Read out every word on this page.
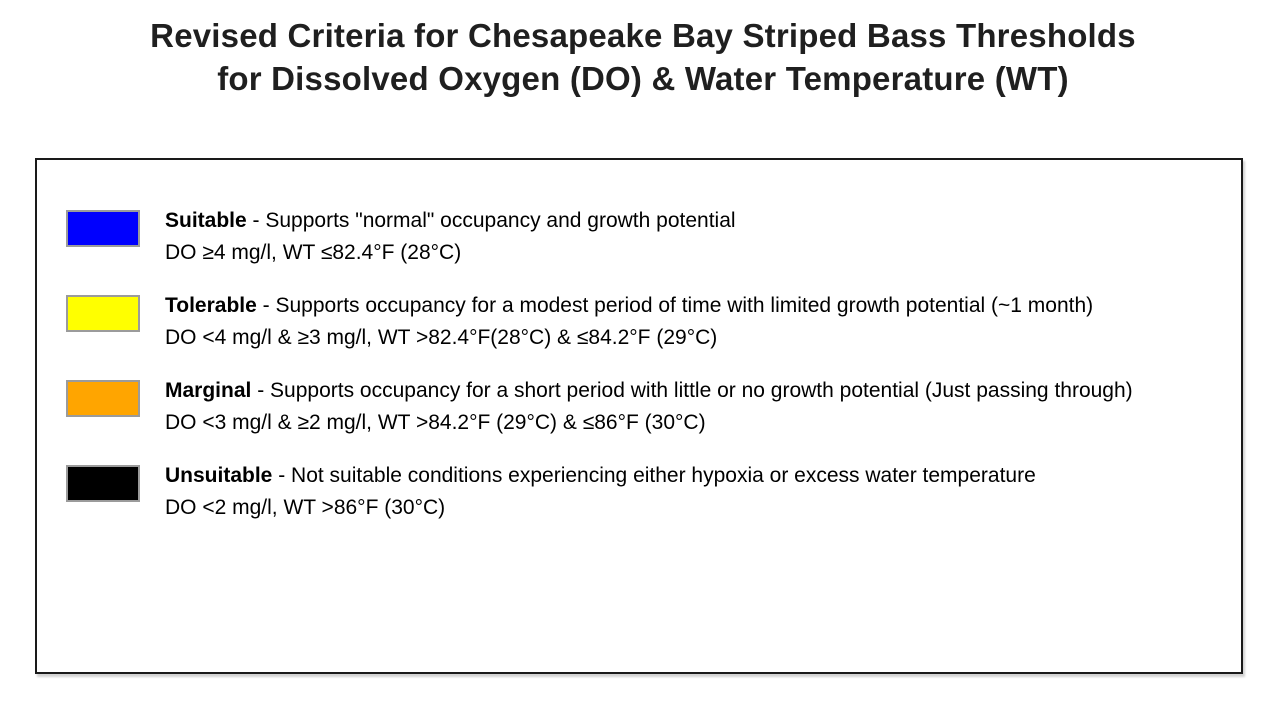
Revised Criteria for Chesapeake Bay Striped Bass Thresholds
for Dissolved Oxygen (DO) & Water Temperature (WT)
Suitable - Supports "normal" occupancy and growth potential
DO ≥4 mg/l, WT ≤82.4°F (28°C)
Tolerable - Supports occupancy for a modest period of time with limited growth potential (~1 month)
DO <4 mg/l & ≥3 mg/l, WT >82.4°F(28°C) & ≤84.2°F (29°C)
Marginal - Supports occupancy for a short period with little or no growth potential (Just passing through)
DO <3 mg/l & ≥2 mg/l, WT >84.2°F (29°C) & ≤86°F (30°C)
Unsuitable - Not suitable conditions experiencing either hypoxia or excess water temperature
DO <2 mg/l, WT >86°F (30°C)
